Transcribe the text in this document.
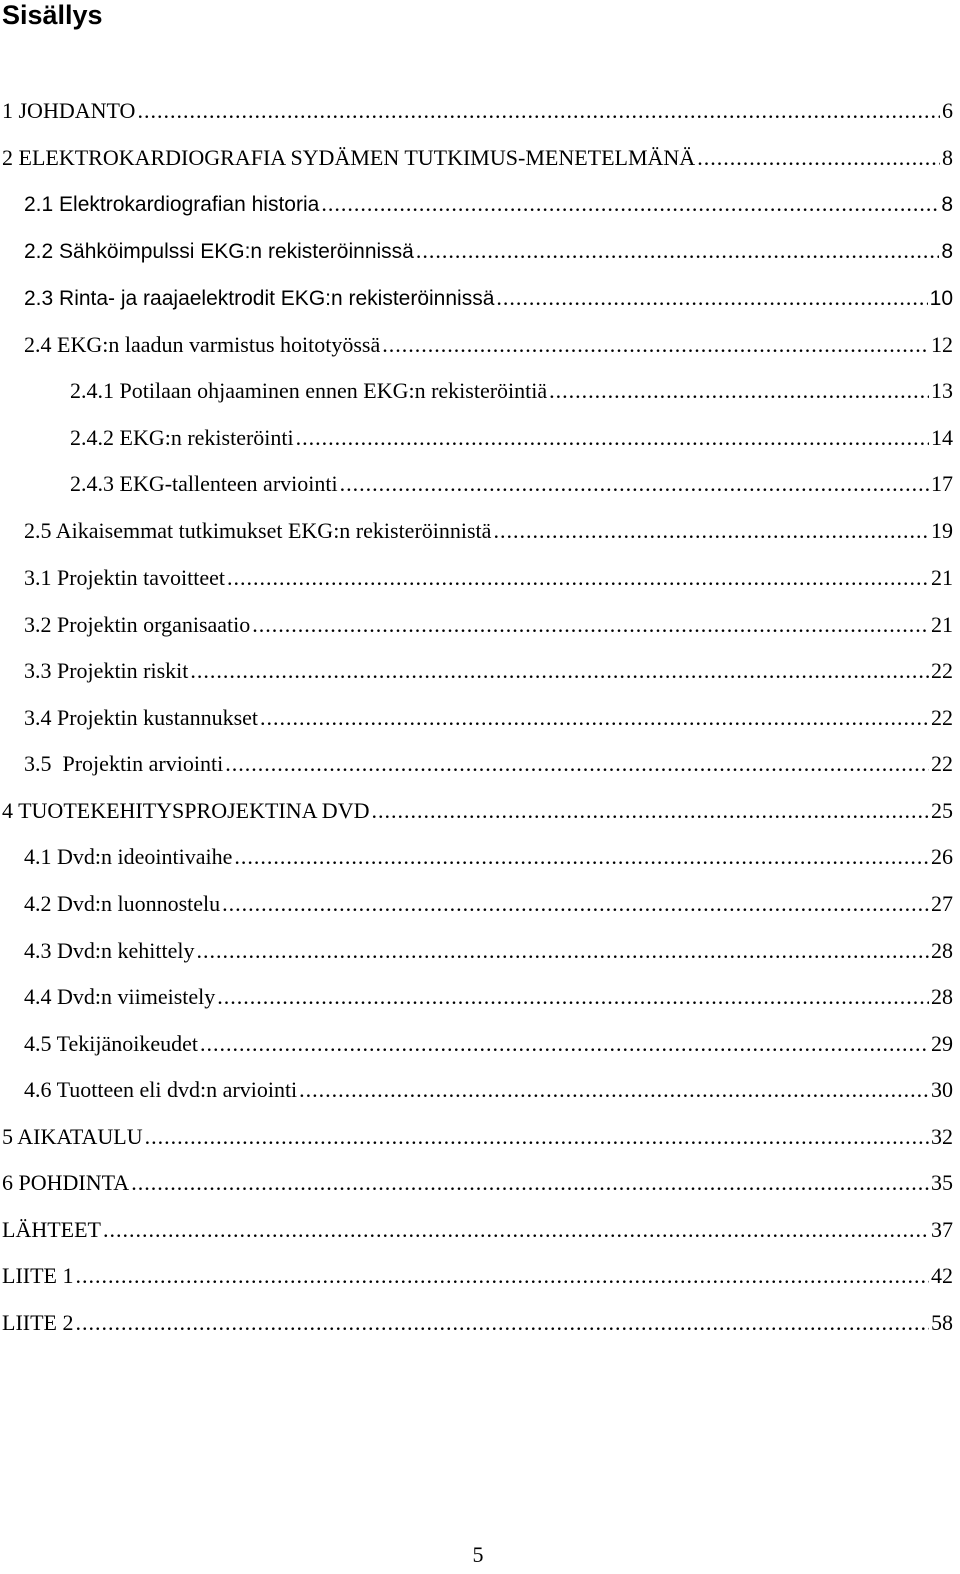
Sisällys
1 JOHDANTO .....	6
2 ELEKTROKARDIOGRAFIA SYDÄMEN TUTKIMUS-MENETELMÄNÄ .....	8
2.1 Elektrokardiografian historia .....	8
2.2 Sähköimpulssi EKG:n rekisteröinnissä .....	8
2.3 Rinta- ja raajaelektrodit EKG:n rekisteröinnissä .....	10
2.4 EKG:n laadun varmistus hoitotyössä .....	12
2.4.1 Potilaan ohjaaminen ennen EKG:n rekisteröintiä .....	13
2.4.2 EKG:n rekisteröinti .....	14
2.4.3 EKG-tallenteen arviointi .....	17
2.5 Aikaisemmat tutkimukset EKG:n rekisteröinnistä .....	19
3.1 Projektin tavoitteet .....	21
3.2 Projektin organisaatio .....	21
3.3 Projektin riskit .....	22
3.4 Projektin kustannukset .....	22
3.5  Projektin arviointi .....	22
4 TUOTEKEHITYSPROJEKTINA DVD .....	25
4.1 Dvd:n ideointivaihe .....	26
4.2 Dvd:n luonnostelu .....	27
4.3 Dvd:n kehittely .....	28
4.4 Dvd:n viimeistely .....	28
4.5 Tekijänoikeudet .....	29
4.6 Tuotteen eli dvd:n arviointi .....	30
5 AIKATAULU .....	32
6 POHDINTA .....	35
LÄHTEET .....	37
LIITE 1 .....	42
LIITE 2 .....	58
5
